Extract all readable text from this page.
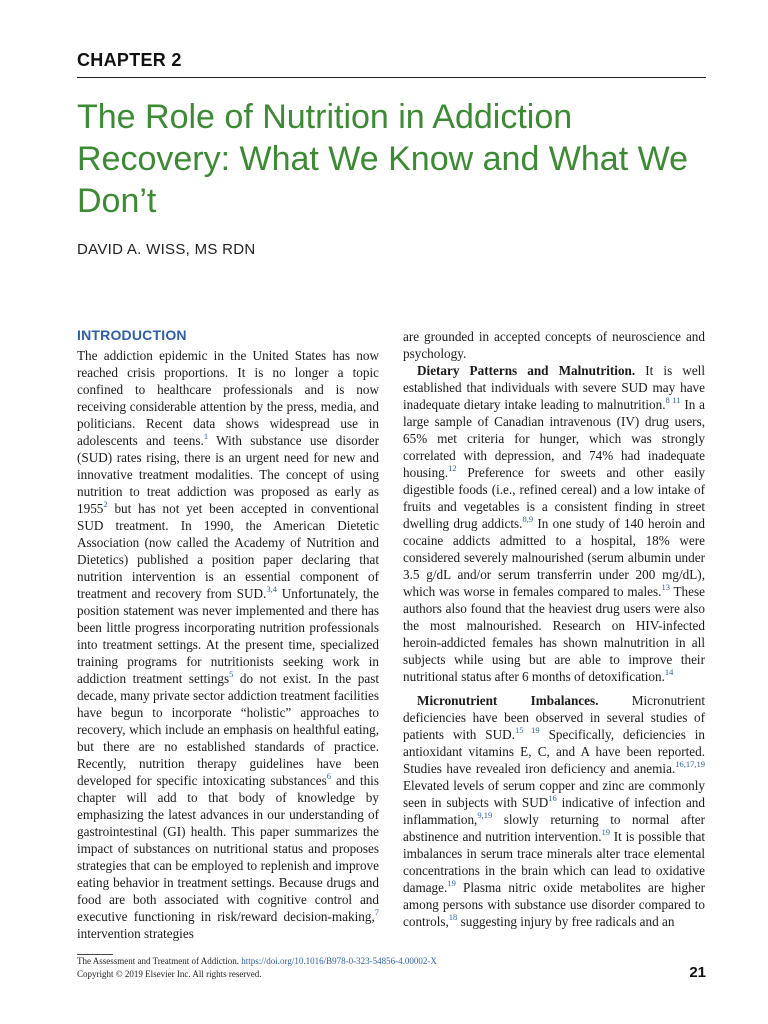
CHAPTER 2
The Role of Nutrition in Addiction Recovery: What We Know and What We Don’t
DAVID A. WISS, MS RDN
INTRODUCTION

The addiction epidemic in the United States has now reached crisis proportions. It is no longer a topic confined to healthcare professionals and is now receiving considerable attention by the press, media, and politicians. Recent data shows widespread use in adolescents and teens.$^1$ With substance use disorder (SUD) rates rising, there is an urgent need for new and innovative treatment modalities. The concept of using nutrition to treat addiction was proposed as early as 1955$^2$ but has not yet been accepted in conventional SUD treatment. In 1990, the American Dietetic Association (now called the Academy of Nutrition and Dietetics) published a position paper declaring that nutrition intervention is an essential component of treatment and recovery from SUD.$^{3,4}$ Unfortunately, the position statement was never implemented and there has been little progress incorporating nutrition professionals into treatment settings. At the present time, specialized training programs for nutritionists seeking work in addiction treatment settings$^5$ do not exist. In the past decade, many private sector addiction treatment facilities have begun to incorporate “holistic” approaches to recovery, which include an emphasis on healthful eating, but there are no established standards of practice. Recently, nutrition therapy guidelines have been developed for specific intoxicating substances$^6$ and this chapter will add to that body of knowledge by emphasizing the latest advances in our understanding of gastrointestinal (GI) health. This paper summarizes the impact of substances on nutritional status and proposes strategies that can be employed to replenish and improve eating behavior in treatment settings. Because drugs and food are both associated with cognitive control and executive functioning in risk/reward decision-making,$^7$ intervention strategies

are grounded in accepted concepts of neuroscience and psychology.

Dietary Patterns and Malnutrition. It is well established that individuals with severe SUD may have inadequate dietary intake leading to malnutrition.$^{8 11}$ In a large sample of Canadian intravenous (IV) drug users, 65% met criteria for hunger, which was strongly correlated with depression, and 74% had inadequate housing.$^{12}$ Preference for sweets and other easily digestible foods (i.e., refined cereal) and a low intake of fruits and vegetables is a consistent finding in street dwelling drug addicts.$^{8,9}$ In one study of 140 heroin and cocaine addicts admitted to a hospital, 18% were considered severely malnourished (serum albumin under 3.5 g/dL and/or serum transferrin under 200 mg/dL), which was worse in females compared to males.$^{13}$ These authors also found that the heaviest drug users were also the most malnourished. Research on HIV-infected heroin-addicted females has shown malnutrition in all subjects while using but are able to improve their nutritional status after 6 months of detoxification.$^{14}$

Micronutrient Imbalances. Micronutrient deficiencies have been observed in several studies of patients with SUD.$^{15 19}$ Specifically, deficiencies in antioxidant vitamins E, C, and A have been reported. Studies have revealed iron deficiency and anemia.$^{16,17,19}$ Elevated levels of serum copper and zinc are commonly seen in subjects with SUD$^{16}$ indicative of infection and inflammation,$^{9,19}$ slowly returning to normal after abstinence and nutrition intervention.$^{19}$ It is possible that imbalances in serum trace minerals alter trace elemental concentrations in the brain which can lead to oxidative damage.$^{19}$ Plasma nitric oxide metabolites are higher among persons with substance use disorder compared to controls,$^{18}$ suggesting injury by free radicals and an

The Assessment and Treatment of Addiction. https://doi.org/10.1016/B978-0-323-54856-4.00002-X
Copyright © 2019 Elsevier Inc. All rights reserved.	21
